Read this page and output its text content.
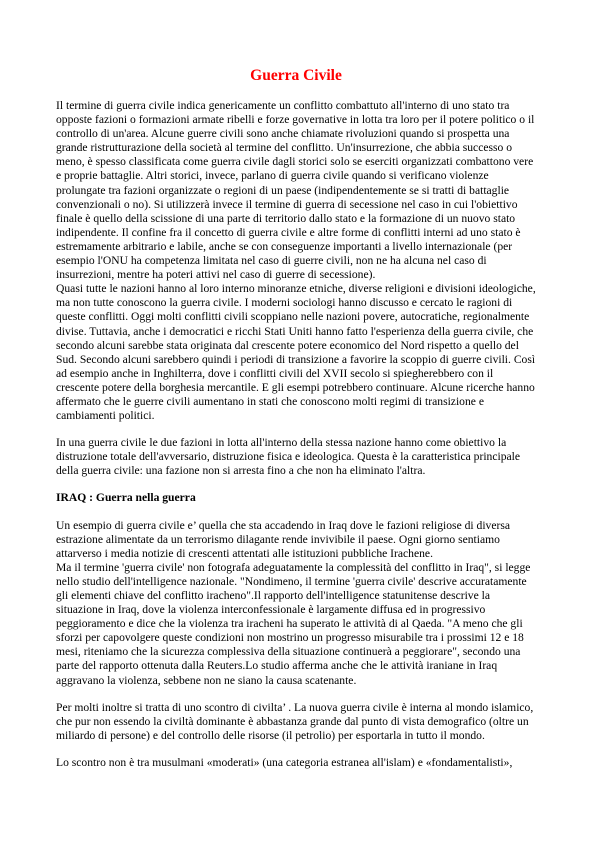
Guerra Civile

Il termine di guerra civile indica genericamente un conflitto combattuto all'interno di uno stato tra opposte fazioni o formazioni armate ribelli e forze governative in lotta tra loro per il potere politico o il controllo di un'area. Alcune guerre civili sono anche chiamate rivoluzioni quando si prospetta una grande ristrutturazione della società al termine del conflitto. Un'insurrezione, che abbia successo o meno, è spesso classificata come guerra civile dagli storici solo se eserciti organizzati combattono vere e proprie battaglie. Altri storici, invece, parlano di guerra civile quando si verificano violenze prolungate tra fazioni organizzate o regioni di un paese (indipendentemente se si tratti di battaglie convenzionali o no). Si utilizzerà invece il termine di guerra di secessione nel caso in cui l'obiettivo finale è quello della scissione di una parte di territorio dallo stato e la formazione di un nuovo stato indipendente. Il confine fra il concetto di guerra civile e altre forme di conflitti interni ad uno stato è estremamente arbitrario e labile, anche se con conseguenze importanti a livello internazionale (per esempio l'ONU ha competenza limitata nel caso di guerre civili, non ne ha alcuna nel caso di insurrezioni, mentre ha poteri attivi nel caso di guerre di secessione).

Quasi tutte le nazioni hanno al loro interno minoranze etniche, diverse religioni e divisioni ideologiche, ma non tutte conoscono la guerra civile. I moderni sociologi hanno discusso e cercato le ragioni di queste conflitti. Oggi molti conflitti civili scoppiano nelle nazioni povere, autocratiche, regionalmente divise. Tuttavia, anche i democratici e ricchi Stati Uniti hanno fatto l'esperienza della guerra civile, che secondo alcuni sarebbe stata originata dal crescente potere economico del Nord rispetto a quello del Sud. Secondo alcuni sarebbero quindi i periodi di transizione a favorire la scoppio di guerre civili. Così ad esempio anche in Inghilterra, dove i conflitti civili del XVII secolo si spiegherebbero con il crescente potere della borghesia mercantile. E gli esempi potrebbero continuare. Alcune ricerche hanno affermato che le guerre civili aumentano in stati che conoscono molti regimi di transizione e cambiamenti politici.

In una guerra civile le due fazioni in lotta all'interno della stessa nazione hanno come obiettivo la distruzione totale dell'avversario, distruzione fisica e ideologica. Questa è la caratteristica principale della guerra civile: una fazione non si arresta fino a che non ha eliminato l'altra.

IRAQ : Guerra nella guerra

Un esempio di guerra civile e’ quella che sta accadendo in Iraq dove le fazioni religiose di diversa estrazione alimentate da un terrorismo dilagante rende invivibile il paese. Ogni giorno sentiamo attarverso i media notizie di crescenti attentati alle istituzioni pubbliche Irachene.

Ma il termine 'guerra civile' non fotografa adeguatamente la complessità del conflitto in Iraq", si legge nello studio dell'intelligence nazionale. "Nondimeno, il termine 'guerra civile' descrive accuratamente gli elementi chiave del conflitto iracheno".Il rapporto dell'intelligence statunitense descrive la situazione in Iraq, dove la violenza interconfessionale è largamente diffusa ed in progressivo peggioramento e dice che la violenza tra iracheni ha superato le attività di al Qaeda. "A meno che gli sforzi per capovolgere queste condizioni non mostrino un progresso misurabile tra i prossimi 12 e 18 mesi, riteniamo che la sicurezza complessiva della situazione continuerà a peggiorare", secondo una parte del rapporto ottenuta dalla Reuters.Lo studio afferma anche che le attività iraniane in Iraq aggravano la violenza, sebbene non ne siano la causa scatenante.

Per molti inoltre si tratta di uno scontro di civilta’ . La nuova guerra civile è interna al mondo islamico, che pur non essendo la civiltà dominante è abbastanza grande dal punto di vista demografico (oltre un miliardo di persone) e del controllo delle risorse (il petrolio) per esportarla in tutto il mondo.

Lo scontro non è tra musulmani «moderati» (una categoria estranea all'islam) e «fondamentalisti»,
